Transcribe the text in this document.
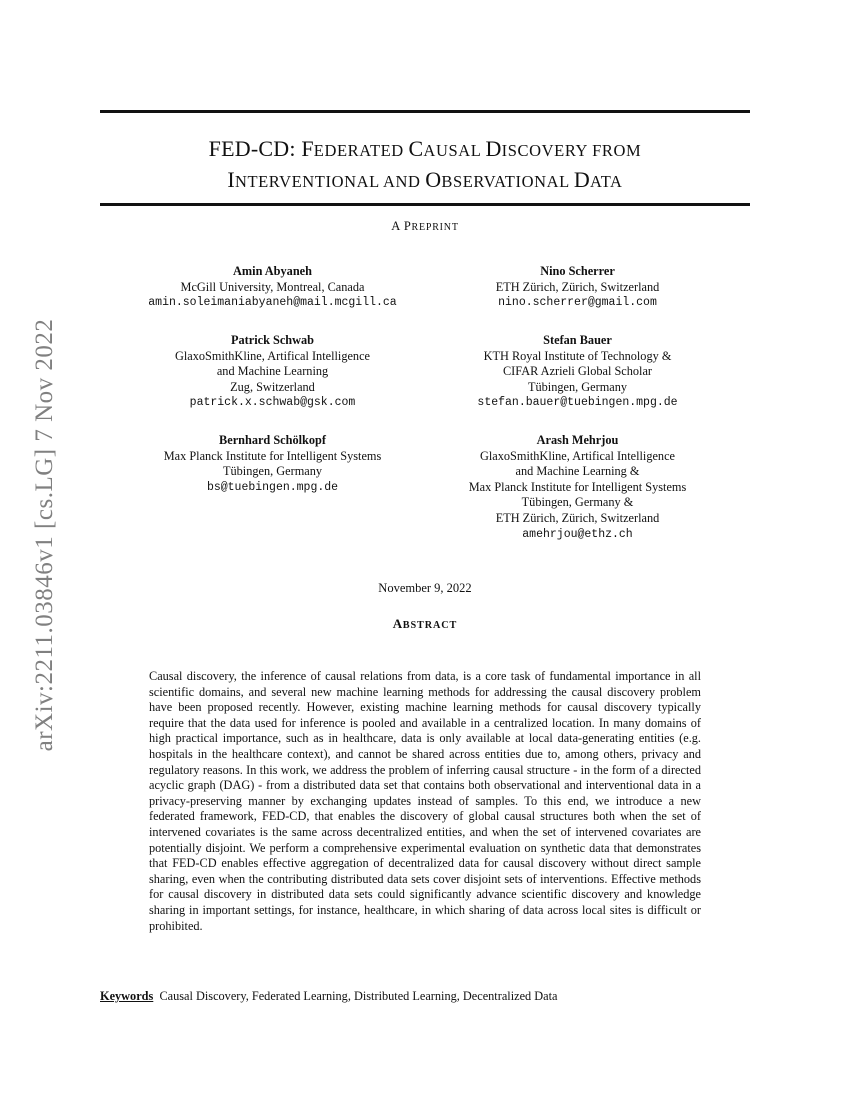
arXiv:2211.03846v1 [cs.LG] 7 Nov 2022
FED-CD: FEDERATED CAUSAL DISCOVERY FROM
INTERVENTIONAL AND OBSERVATIONAL DATA
A PREPRINT
Amin Abyaneh
McGill University, Montreal, Canada
amin.soleimaniabyaneh@mail.mcgill.ca
Nino Scherrer
ETH Zürich, Zürich, Switzerland
nino.scherrer@gmail.com
Patrick Schwab
GlaxoSmithKline, Artifical Intelligence
and Machine Learning
Zug, Switzerland
patrick.x.schwab@gsk.com
Stefan Bauer
KTH Royal Institute of Technology &
CIFAR Azrieli Global Scholar
Tübingen, Germany
stefan.bauer@tuebingen.mpg.de
Bernhard Schölkopf
Max Planck Institute for Intelligent Systems
Tübingen, Germany
bs@tuebingen.mpg.de
Arash Mehrjou
GlaxoSmithKline, Artifical Intelligence
and Machine Learning &
Max Planck Institute for Intelligent Systems
Tübingen, Germany &
ETH Zürich, Zürich, Switzerland
amehrjou@ethz.ch
November 9, 2022
ABSTRACT

Causal discovery, the inference of causal relations from data, is a core task of fundamental importance in all scientific domains, and several new machine learning methods for addressing the causal discovery problem have been proposed recently. However, existing machine learning methods for causal discovery typically require that the data used for inference is pooled and available in a centralized location. In many domains of high practical importance, such as in healthcare, data is only available at local data-generating entities (e.g. hospitals in the healthcare context), and cannot be shared across entities due to, among others, privacy and regulatory reasons. In this work, we address the problem of inferring causal structure - in the form of a directed acyclic graph (DAG) - from a distributed data set that contains both observational and interventional data in a privacy-preserving manner by exchanging updates instead of samples. To this end, we introduce a new federated framework, FED-CD, that enables the discovery of global causal structures both when the set of intervened covariates is the same across decentralized entities, and when the set of intervened covariates are potentially disjoint. We perform a comprehensive experimental evaluation on synthetic data that demonstrates that FED-CD enables effective aggregation of decentralized data for causal discovery without direct sample sharing, even when the contributing distributed data sets cover disjoint sets of interventions. Effective methods for causal discovery in distributed data sets could significantly advance scientific discovery and knowledge sharing in important settings, for instance, healthcare, in which sharing of data across local sites is difficult or prohibited.

Keywords Causal Discovery, Federated Learning, Distributed Learning, Decentralized Data
